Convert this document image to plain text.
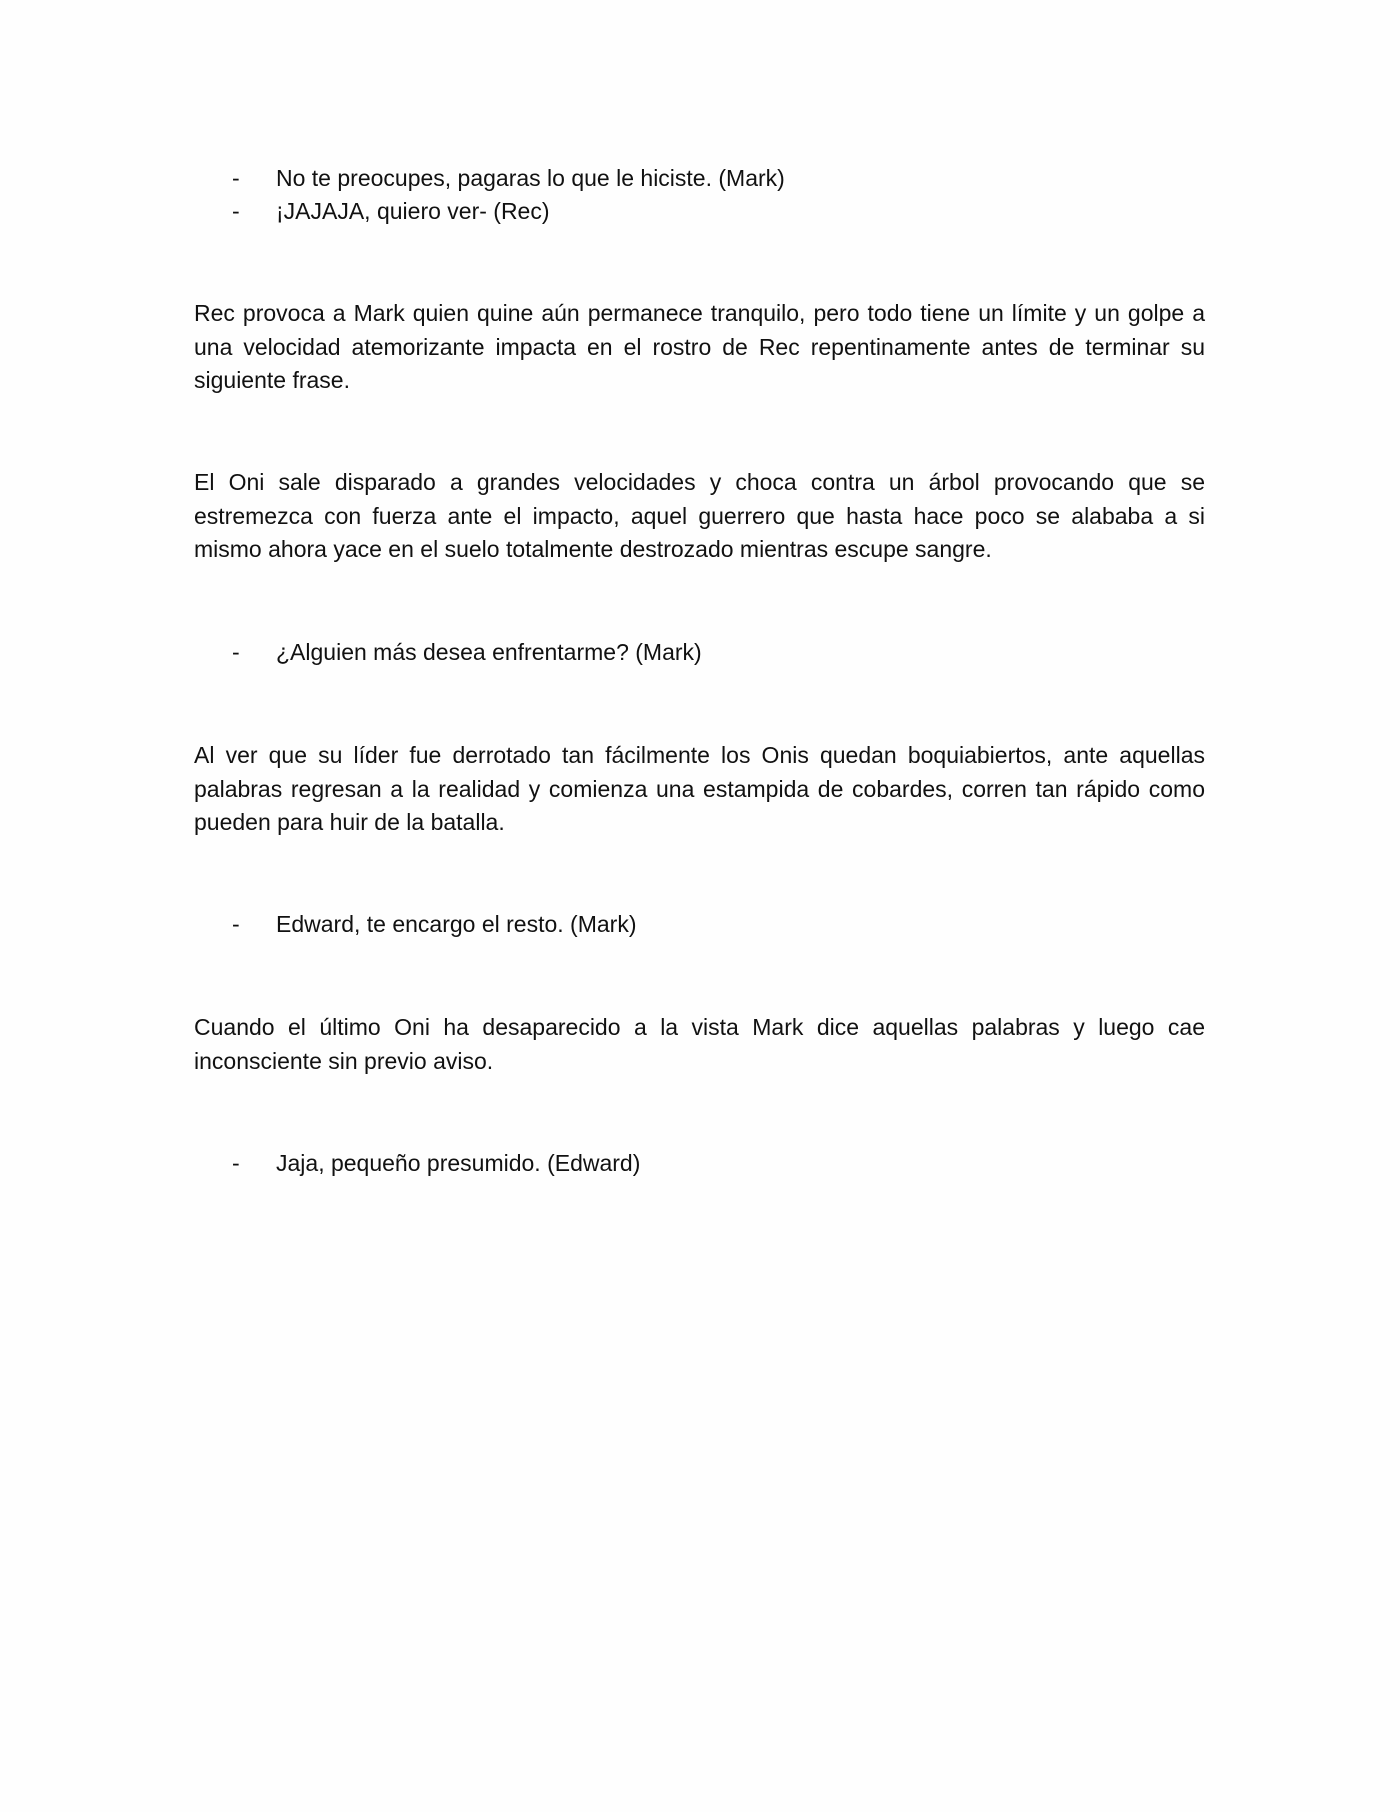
- No te preocupes, pagaras lo que le hiciste. (Mark)
- ¡JAJAJA, quiero ver- (Rec)

Rec provoca a Mark quien quine aún permanece tranquilo, pero todo tiene un límite y un golpe a una velocidad atemorizante impacta en el rostro de Rec repentinamente antes de terminar su siguiente frase.

El Oni sale disparado a grandes velocidades y choca contra un árbol provocando que se estremezca con fuerza ante el impacto, aquel guerrero que hasta hace poco se alababa a si mismo ahora yace en el suelo totalmente destrozado mientras escupe sangre.

- ¿Alguien más desea enfrentarme? (Mark)

Al ver que su líder fue derrotado tan fácilmente los Onis quedan boquiabiertos, ante aquellas palabras regresan a la realidad y comienza una estampida de cobardes, corren tan rápido como pueden para huir de la batalla.

- Edward, te encargo el resto. (Mark)

Cuando el último Oni ha desaparecido a la vista Mark dice aquellas palabras y luego cae inconsciente sin previo aviso.

- Jaja, pequeño presumido. (Edward)
